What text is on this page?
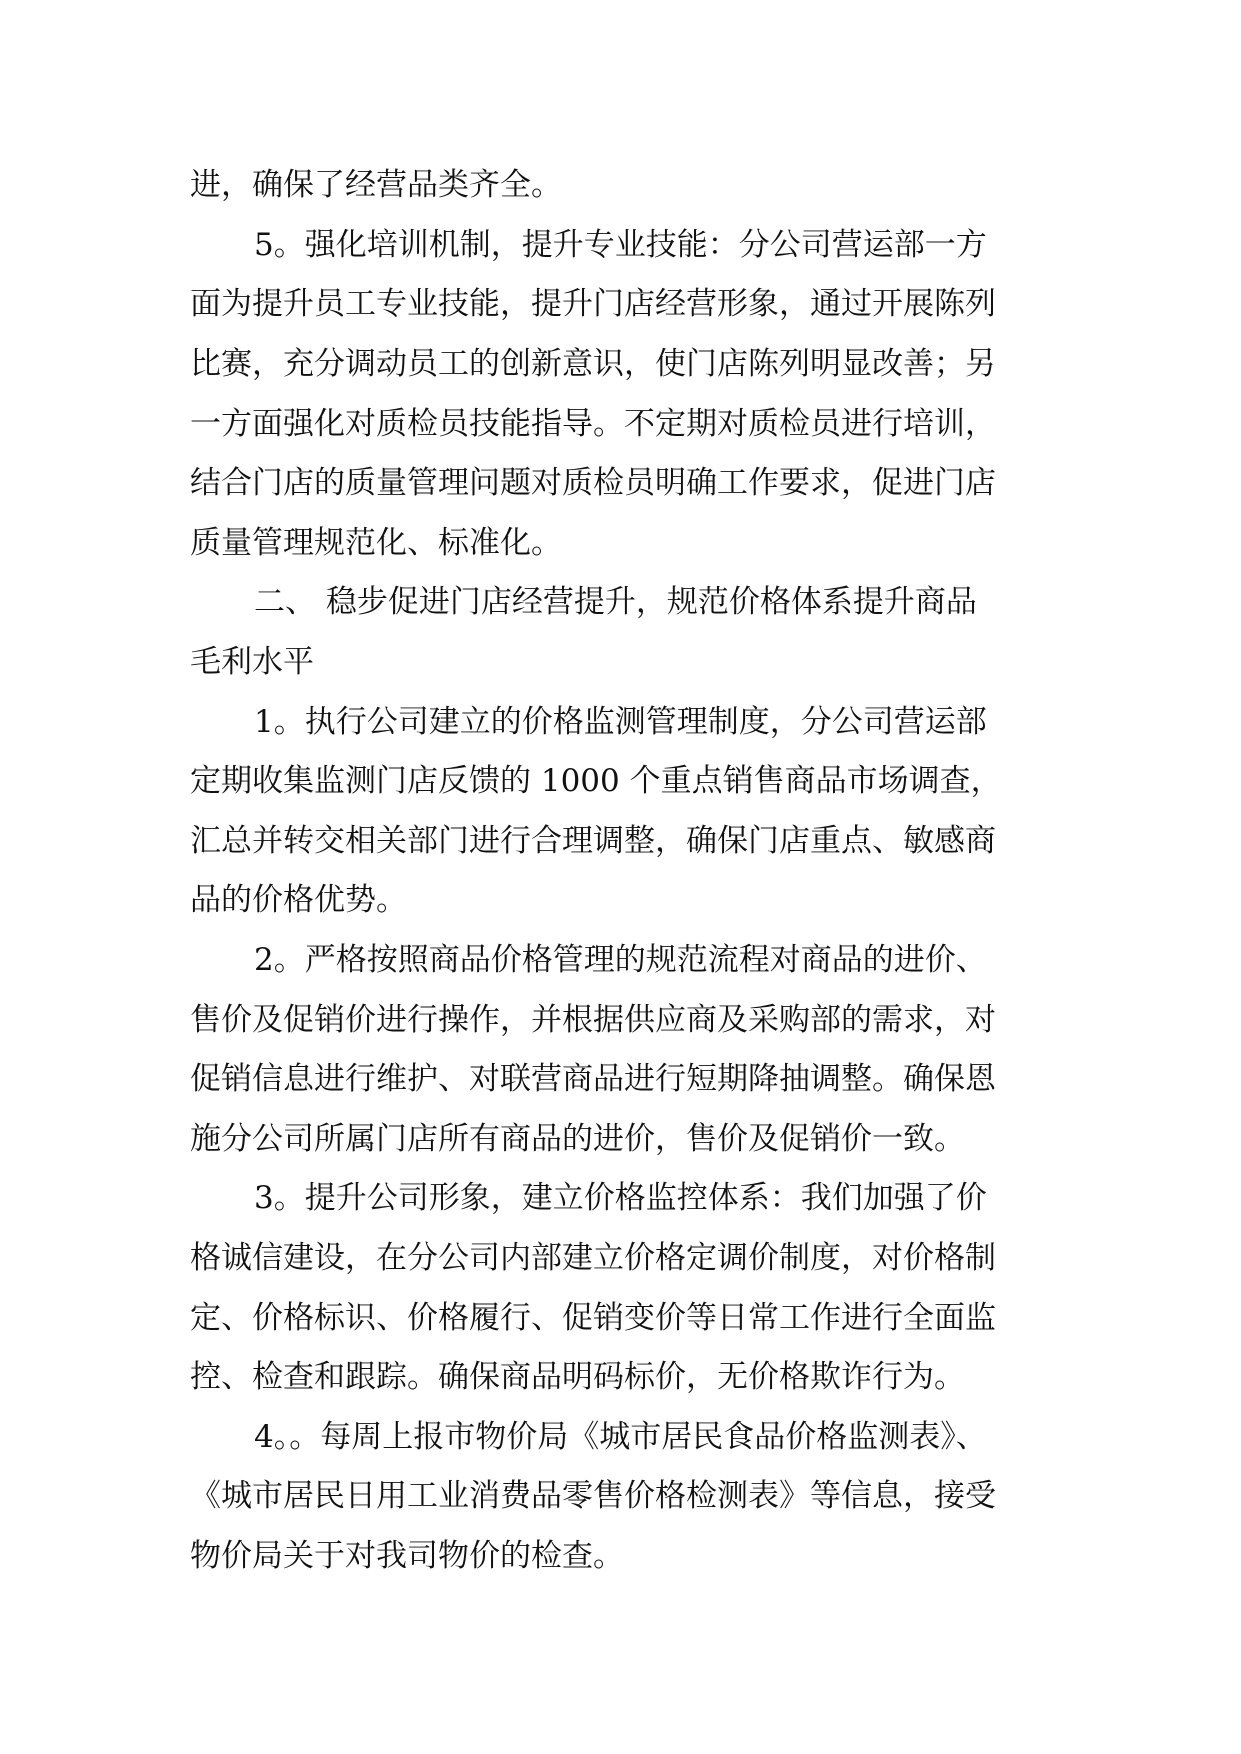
进，确保了经营品类齐全。

5。强化培训机制，提升专业技能：分公司营运部一方

面为提升员工专业技能，提升门店经营形象，通过开展陈列

比赛，充分调动员工的创新意识，使门店陈列明显改善；另

一方面强化对质检员技能指导。不定期对质检员进行培训，

结合门店的质量管理问题对质检员明确工作要求，促进门店

质量管理规范化、标准化。

二、 稳步促进门店经营提升，规范价格体系提升商品

毛利水平

1。执行公司建立的价格监测管理制度，分公司营运部

定期收集监测门店反馈的 1000 个重点销售商品市场调查，

汇总并转交相关部门进行合理调整，确保门店重点、敏感商

品的价格优势。

2。严格按照商品价格管理的规范流程对商品的进价、

售价及促销价进行操作，并根据供应商及采购部的需求，对

促销信息进行维护、对联营商品进行短期降抽调整。确保恩

施分公司所属门店所有商品的进价，售价及促销价一致。

3。提升公司形象，建立价格监控体系：我们加强了价

格诚信建设，在分公司内部建立价格定调价制度，对价格制

定、价格标识、价格履行、促销变价等日常工作进行全面监

控、检查和跟踪。确保商品明码标价，无价格欺诈行为。

4。。每周上报市物价局《城市居民食品价格监测表》、

《城市居民日用工业消费品零售价格检测表》等信息，接受

物价局关于对我司物价的检查。
